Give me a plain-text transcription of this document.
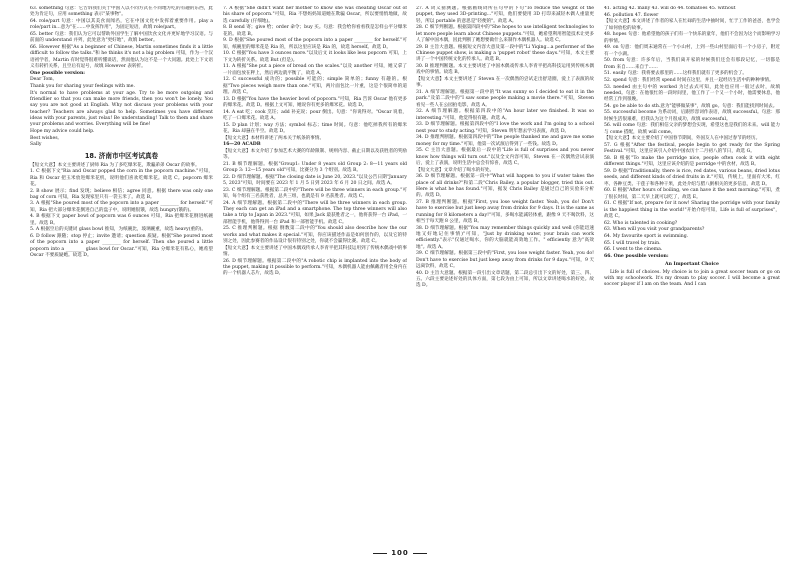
63. something 句意：它告诉我们关于中国人以不同方式在不同地方吃的有趣的东西，此处为肯定句，应用 something 表示"某事物"。

64. role/part 句意：中国以其美食而闻名，它在中国文化中发挥着重要作用。play a role/part in...意为"在……中发挥作用"，为固定短语，故填 role/part。

65. better 句意：我们认为它可以帮助外国学生了解中国饮食文化并更好地学习汉语。与前面的 understand 并列，此处意为"更好地"，故填 better。

66. However 根据"As a beginner of Chinese, Martin sometimes finds it a little difficult to follow the talks."和 he thinks it's not a big problem 可知，作为一个汉语初学者，Martin 有时觉得很难听懂谈话，然而他认为这不是一个大问题。此处上下文语义有转折关系，且空后有逗号，故填 However 表转折。

One possible version:

Dear Tom,

Thank you for sharing your feelings with me.

It's normal to have problems at your age. Try to be more outgoing and friendlier so that you can make more friends, then you won't be lonely. You say you are not good at English. Why not discuss your problems with your teacher? Teachers are always glad to help. Sometimes you have different ideas with your parents, just relax! Be understanding! Talk to them and share your problems and worries. Everything will be fine!

Hope my advice could help.

Best wishes,

Sally

18. 济南市中区考试真卷

【短文大意】本文主要讲述了厨师 Ria 为了多吃爆米花，欺骗弟弟 Oscar 的故事。

1. C 根据下文"Ria and Oscar popped the corn in the popcorn machine."可知，Ria 和 Oscar 把玉米放进爆米花机，说明他们喜欢吃爆米花。故选 C。popcorn 爆米花。

2. B show 展示；find 发现；believe 相信；agree 同意。根据 there was only one bag of corn 可知，Ria 发现家里只有一袋玉米了。故选 B。

3. A 根据"She poured most of the popcorn into a paper ________ for herself."可知，Ria 把大部分爆米花倒进自己的盘子中，说明她很饿，故选 hungry(饿的)。

4. B 根据下文 paper bowl of popcorn was 6 ounces 可知，Ria 把爆米花倒进纸碗里。故选 B。

5. A 根据空后的关键词 glass bowl 推知，为纸碗比，玻璃碗重，故选 heavy(重的)。

6. D follow 跟随；stop 停止；invite 邀请；question 质疑。根据"She poured most of the popcorn into a paper ________ for herself. Then she poured a little popcorn into a ________ glass bowl for Oscar."可知，Ria 分爆米花有私心，她希望 Oscar 不要质疑她。故选 D。

7. A 根据"She didn't want her mother to know she was cheating Oscar out of his share of popcorn."可知，Ria 不想妈妈知道她在欺骗 Oscar，所以要悄悄地做，故选 carefully (仔细地)。

8. B send 寄；give 给；order 命令；buy 买。句意：我会给你看看我是怎样公平分爆米花的。故选 B。

9. D 根据"She poured most of the popcorn into a paper ________ for herself."可知，纸碗里的爆米花是 Ria 的，所以这里应该是 Ria 的，故选 herself。故选 D。

10. C 根据"You have 3 ounces more."以及后文 it looks like less popcorn 可知，上下文为转折关系。故选 But (但是)。

11. A 根据"She put a piece of bread on the scales."以及 another 可知，她又拿了一片面包放在秤上，然后两边就平衡了，故选 A。

12. C successful 成功的；possible 可能的；simple 简单的；funny 有趣的。根据"Two pieces weigh more than one."可知，两片面包比一片重，这是个很简单的道理。故选 C。

13. D 根据"You have the heavier bowl of popcorn."可知，Ria 告诉 Oscar 他有更多的爆米花。故选 D。根据上文可知，她说你有更多的爆米花。故选 D。

14. A eat 吃；cook 烹饪；add 补充说；pour 倒出。句意："你说得对。"Oscar 说着，吃了一口爆米花。故选 A。

15. D plan 计划；way 方法；symbol 标志；time 时间。句意：他吃掉我所有的爆米花，Ria 却悬在半空。故选 D。

【短文大意】本材料讲述了两本关于纸条的事情。

16—20 ACADB

【短文大意】本文介绍了参加艺术大赛的年龄限制、规则内容、截止日期以及获胜者的奖励等。

21. B 细节理解题。根据"Group1: Under 8 years old Group 2: 8—11 years old Group 3: 12—15 years old"可知，比赛分为 3 个组别。故选 B。

22. D 细节理解题。根据"The closing date is June 20, 2023."以及公告日期"January 5, 2023"可知，时间要在 2023 年 1 月 5 日到 2023 年 6 月 20 日之间。故选 A。

23. C 细节理解题。根据第二段中的"There will be three winners in each group."可知，每个组有三名获胜者，总共三组，也就是有 9 名获胜者。故选 C。

24. A 细节理解题。根据第二段中的"There will be three winners in each group. They each can get an iPad and a smartphone. The top three winners will also take a trip to Japan in 2023."可知，如果 Jack 最获胜者之一，他将获得一台 iPad、一部智能手机，他得得到一台 iPad 和一部智能手机。故选 C。

25. C 推理判断题。根据 倒数第二段中的"You should also describe how the our works and what makes it special."可知，你应该描述作品是如何创作的，以及它的特别之处，因此参赛者的作品设计很有特别之处，你就不会赢得比赛。故选 C。

【短文大意】本文主要讲述了中国木偶戏传承人李青平把其科技运用到了传统木偶戏中的事情。

26. D 细节理解题。根据第二段中的"A robotic chip is implanted into the body of the puppet, making it possible to perform."可知，木偶机器人能由佩戴者用全身内在的一个机器人芯片，故选 D。

27. A 词义猜测题。根据画线词所在句中的下句"To reduce the weight of the puppet, they used 3D-printing..."可知，他们要使用 3D 打印来减轻木偶人重量更轻，所以 portable 的意思是"轻便的"。故选 A。

28. C 细节判断题。根据第四段中的"She hopes to use intelligent technologies to let more people learn about Chinese puppets."可知，她希望利用智能技术让更多人了解中国木偶，因此判断了她想要做什么来制作木偶机器人。故选 C。

29. B 主旨大意题。根据短文内容大意及第一段中的"Li Yiqing...a performer of the Chinese puppet show, is making a 'puppet robot' these days."可知，本文主要讲了一个中国传统文化的传承人。故选 B。

30. B 推理判断题。本文主要讲述了中国木偶戏传承人李青平把高科技运用到传统木偶戏中的事情。故选 B。

【短文大意】本文主要讲述了 Steven 在一次偶然的尝试走出舒适圈，爱上了表演的故事。

31. A 细节理解题。根据第一段中的"It was sunny so I decided to eat it in the park."及第二段中的"I saw some people making a movie there."可知，Steven 看见一些人在公园拍电影，故选 A。

32. A 细节理解题。根据第四段中的"An hour later we finished. It was so interesting."可知，他觉得很有趣。故选 A。

33. D 细节理解题。根据第四段中的"I love the work and I'm going to a school next year to study acting."可知，Steven 明年想去学习表演，故选 D。

34. D 推理判断题。根据第四段中的"The people thanked me and gave me some money for my time."可知，他第一次试演后得到了一些钱。故选 D。

35. C 主旨大意题。根据最后一段中的"Life is full of surprises and you never know how things will turn out."以及全文内容可知，Steven 在一次偶然尝试表演后，爱上了表演，说明生活中总会有惊喜，故选 C。

【短文大意】文章介绍了喝水的好处。

36. D 细节理解题。根据第一段中"What will happen to you if water takes the place of all drinks?"和第二段"Chris Bailey, a popular blogger, tried this out. Here is what he has found."可知，据发 Chris Bailey 是通过自己的实验来分析的。故选 D。

37. B 推理判断题。根据"First, you lose weight faster. Yeah, you do! Don't have to exercise but just keep away from drinks for 9 days. It is the same as running for 8 kilometers a day!"可知，多喝水能减轻体重，跟像 9 天不喝饮料，这相当于每天跑 8 公里，故选 B。

38. D 细节理解题。根据"You may remember things quickly and well (你能迅速地又好地记住事情)"可知，"Just by drinking water, your brain can work efficiently."表示"仅通过喝水，你的大脑就能高效地工作。" efficiently 意为"高效地"。故选 A。

39. C 细节理解题。根据第三段中的"First, you lose weight faster. Yeah, you do! Don't have to exercise but just keep away from drinks for 9 days."可知，9 天远离饮料，故选 C。

40. D 主旨大意题。根据第一段引出文章话题，第二段总引出下文的好处，第三、四、五、六段主要论述好处的具体方面，第七段为由上可知，所以文章讲述喝水的好处。故选 D。

41. acting 42. many 43. will do 44. tomatoes 45. without

46. pollution 47. flower

【短文大意】本文讲述了作者的家人在忙碌的生活中抽时间，忙于工作的爸爸，也学会了如何放松的故事。

48. hopes 句意：他希望他的孩子们有一个快乐的童年，他们不会因为这个而影响学习的事情。

49. on 句意：他们周末通常在一个小山村，上到一些山村里面后有一个小房子，附近有一个小湖。

50. from 句意：许多年后，当我们离开家的时候我们还会有那段记忆，一切都是 from 来自……来自于……

51. easily 句意：我将要去那里的……这样我们就有了更多的机会了。

52. spend 句意：我们经常 spend 时间在这里，并且一起经历生活中的种种事情。

53. needed 由主句中的 worked 为过去式可知，此处也应用一般过去时，故填 needed。句意：在他很忙的一段时间里，他工作了一个又一个小时，他需要休息，他经常工作到很晚。

54. go be able to do sth.意为"能够做某事"，故填 go。句意：我们能找到时间去。

55. successful become 为系动词，后跟形容词作表语，故填 successful。句意：那时候生活很艰难，但我认为这个月很成功，故填 successful。

56. will come 句意：我们相信父亲的梦想会实现，希望这也是我们的未来。will 能力与 come 搭配，故填 will come。

【短文大意】本文主要介绍了中国春节期间，外国友人在中国过春节的经历。

57. G 根据"After the festival, people begin to get ready for the Spring Festival."可知，这里应该引入介绍中国农历十二月初八的节日，故选 G。

58. B 根据"To make the porridge nice, people often cook it with eight different things."可知，这里应该介绍的是 porridge 中的食材，故选 B。

59. D 根据"Traditionally, there is rice, red dates, various beans, dried lotus seeds, and different kinds of dried fruits in it."可知，传统上，里面有大米、红枣、各种豆类、干莲子和各种干果，此处介绍与腊八粥相关的更多信息，故选 D。

60. E 根据"After hours of boiling, we can have it the next morning."可知，煮了很长时间，第二天早上就可以吃了，故选 E。

61. C 根据"If not, prepare for it now! Sharing the porridge with your family is the happiest thing in the world!"开始介绍可知，Life is full of surprises"，故选 C。

62. Who is talented in cooking?

63. When will you visit your grandparents?

64. My favourite sport is swimming.

65. I will travel by train.

66. I went to the cinema.

66. One possible version:

An Important Choice

Life is full of choices. My choice is to join a great soccer team or go on with my schoolwork. It's my dream to play soccer. I will become a great soccer player if I am on the team. And I can

100
